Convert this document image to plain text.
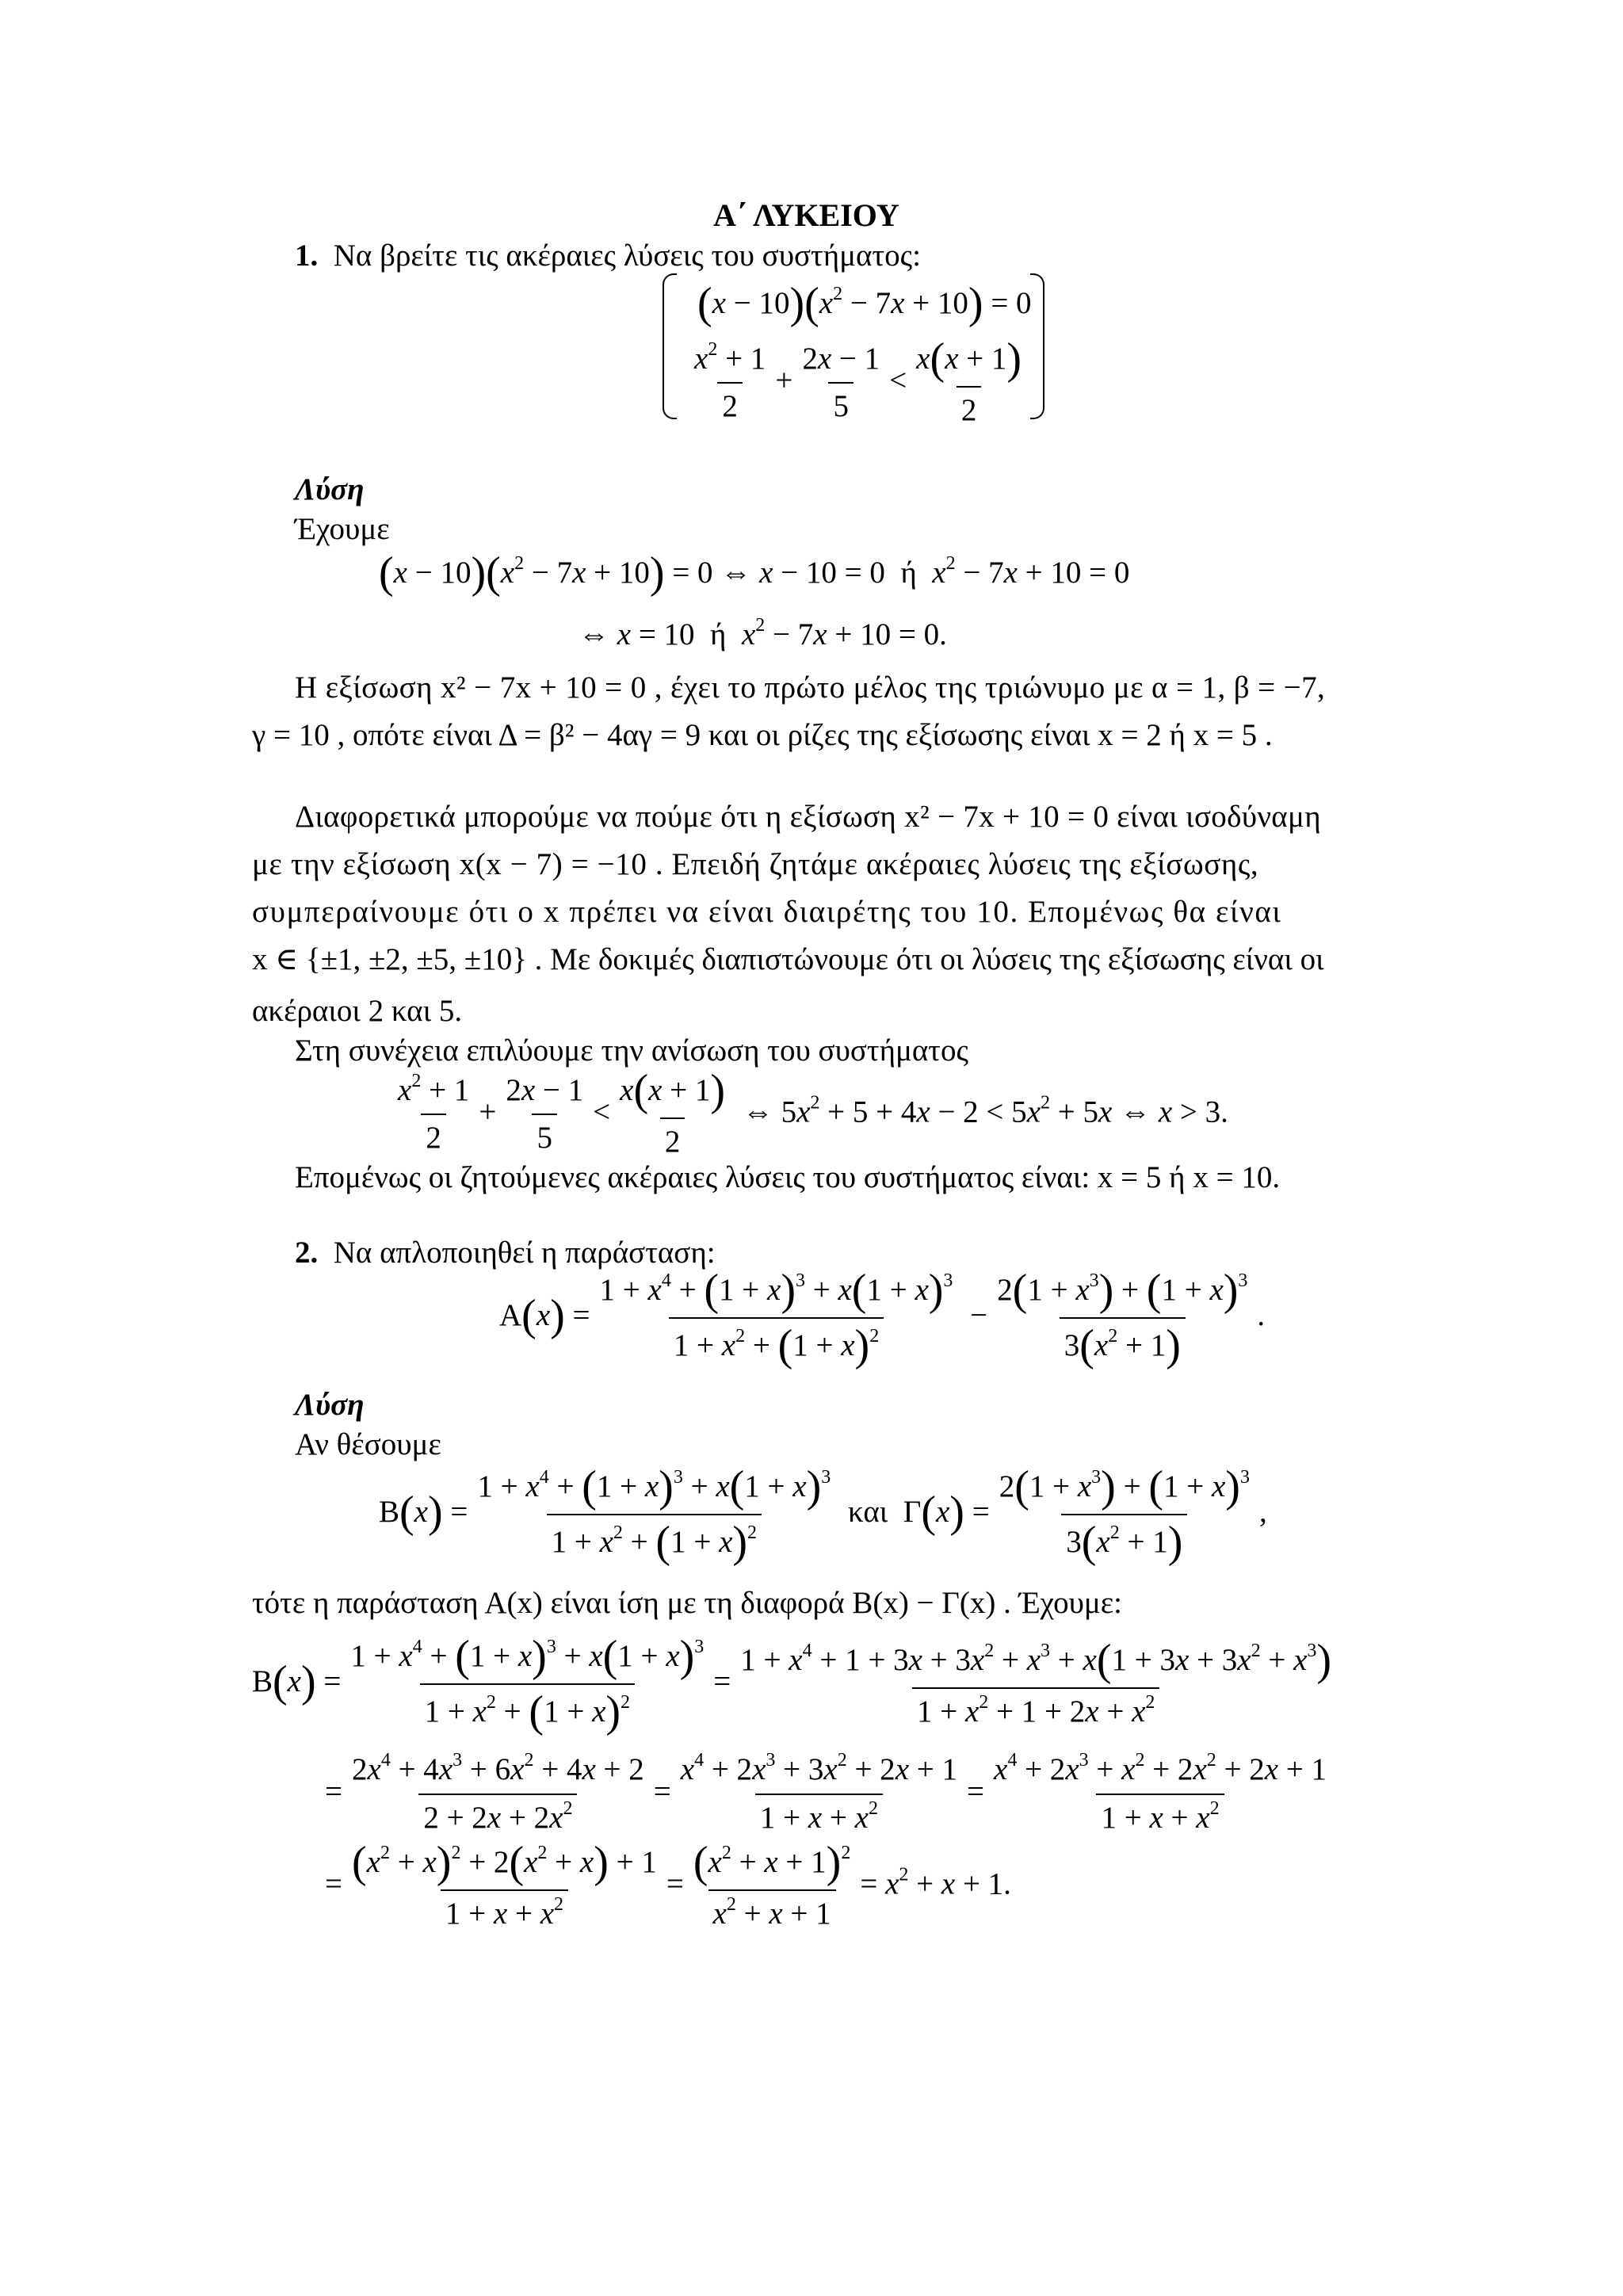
Α΄ ΛΥΚΕΙΟΥ
1. Να βρείτε τις ακέραιες λύσεις του συστήματος:
$(x - 10)(x^2 - 7x + 10) = 0$
$\frac{x^2 + 1}{2} + \frac{2x - 1}{5} < \frac{x(x + 1)}{2}$
Λύση
Έχουμε
$(x - 10)(x^2 - 7x + 10) = 0$ ⇔ x − 10 = 0  ή  $x^2 - 7x + 10 = 0$
⇔ x = 10  ή  $x^2 - 7x + 10 = 0$.
Η εξίσωση x² − 7x + 10 = 0 , έχει το πρώτο μέλος της τριώνυμο με α = 1, β = −7,
γ = 10 , οπότε είναι Δ = β² − 4αγ = 9 και οι ρίζες της εξίσωσης είναι x = 2 ή x = 5 .
Διαφορετικά μπορούμε να πούμε ότι η εξίσωση x² − 7x + 10 = 0 είναι ισοδύναμη
με την εξίσωση x(x − 7) = −10 . Επειδή ζητάμε ακέραιες λύσεις της εξίσωσης,
συμπεραίνουμε ότι ο x πρέπει να είναι διαιρέτης του 10. Επομένως θα είναι
x ∈ {±1, ±2, ±5, ±10} . Με δοκιμές διαπιστώνουμε ότι οι λύσεις της εξίσωσης είναι οι
ακέραιοι 2 και 5.
Στη συνέχεια επιλύουμε την ανίσωση του συστήματος
$\frac{x^2 + 1}{2} + \frac{2x - 1}{5} < \frac{x(x + 1)}{2}$ ⇔ $5x^2 + 5 + 4x - 2 < 5x^2 + 5x$ ⇔ x > 3.
Επομένως οι ζητούμενες ακέραιες λύσεις του συστήματος είναι: x = 5 ή x = 10.
2. Να απλοποιηθεί η παράσταση:
$A(x) = \frac{1 + x^4 + (1 + x)^3 + x(1 + x)^3}{1 + x^2 + (1 + x)^2} - \frac{2(1 + x^3) + (1 + x)^3}{3(x^2 + 1)}$ .
Λύση
Αν θέσουμε
$B(x) = \frac{1 + x^4 + (1 + x)^3 + x(1 + x)^3}{1 + x^2 + (1 + x)^2}$ και  $\Gamma(x) = \frac{2(1 + x^3) + (1 + x)^3}{3(x^2 + 1)}$ ,
τότε η παράσταση Α(x) είναι ίση με τη διαφορά Β(x) − Γ(x) . Έχουμε:
$B(x) = \frac{1 + x^4 + (1 + x)^3 + x(1 + x)^3}{1 + x^2 + (1 + x)^2} = \frac{1 + x^4 + 1 + 3x + 3x^2 + x^3 + x(1 + 3x + 3x^2 + x^3)}{1 + x^2 + 1 + 2x + x^2}$
= $\frac{2x^4 + 4x^3 + 6x^2 + 4x + 2}{2 + 2x + 2x^2} = \frac{x^4 + 2x^3 + 3x^2 + 2x + 1}{1 + x + x^2} = \frac{x^4 + 2x^3 + x^2 + 2x^2 + 2x + 1}{1 + x + x^2}$
= $\frac{(x^2 + x)^2 + 2(x^2 + x) + 1}{1 + x + x^2} = \frac{(x^2 + x + 1)^2}{x^2 + x + 1} = x^2 + x + 1$.
